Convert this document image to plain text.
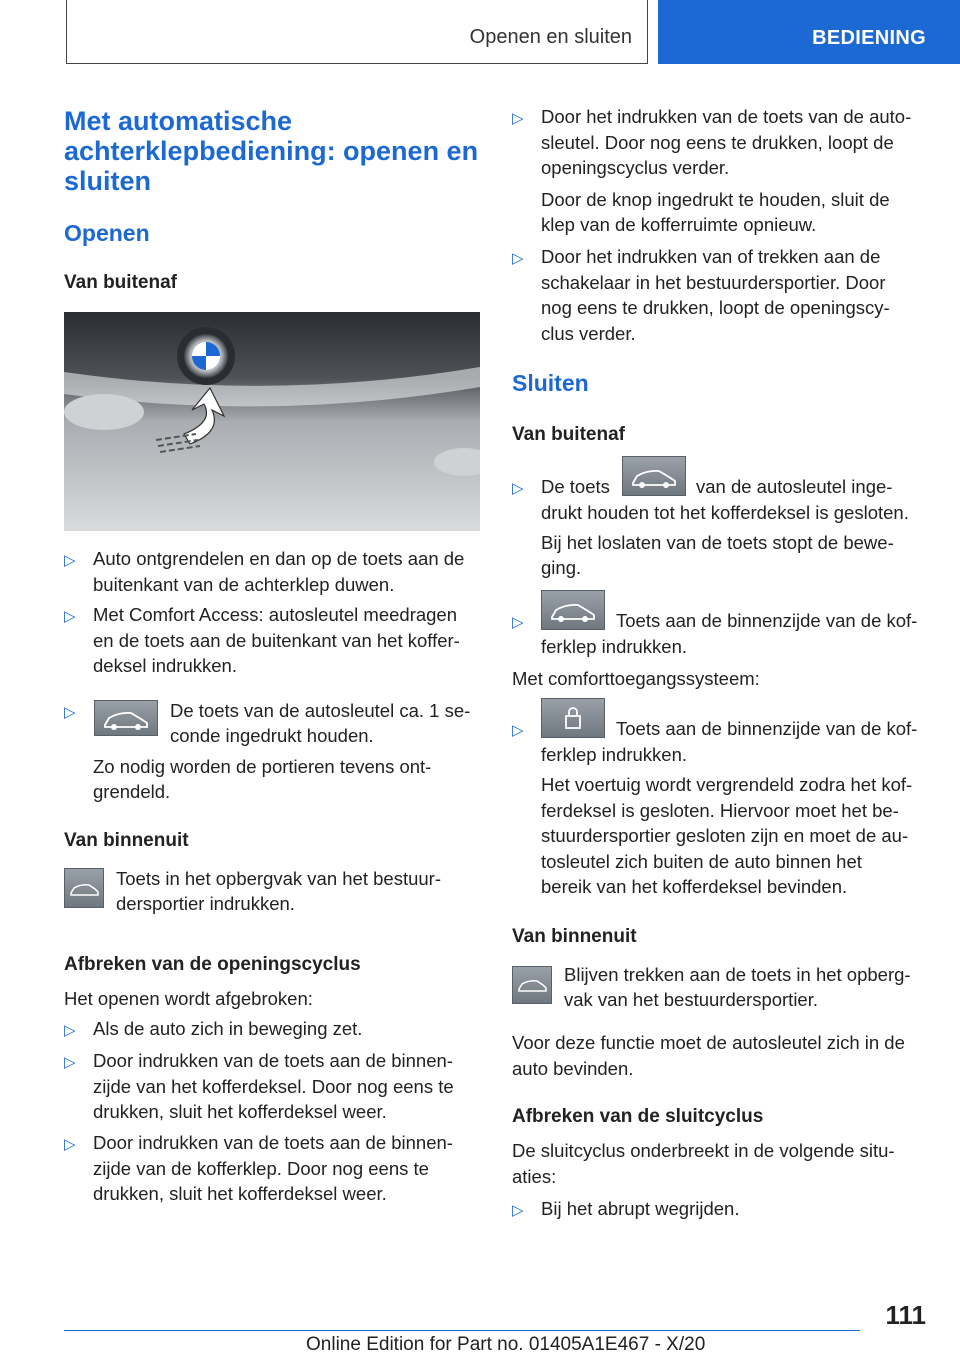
Openen en sluiten	BEDIENING
Met automatische
achterklepbediening: openen en
sluiten
Openen
Van buitenaf
▷ Auto ontgrendelen en dan op de toets aan de
buitenkant van de achterklep duwen.
▷ Met Comfort Access: autosleutel meedragen
en de toets aan de buitenkant van het koffer-
deksel indrukken.
▷	De toets van de autosleutel ca. 1 se-
conde ingedrukt houden.
Zo nodig worden de portieren tevens ont-
grendeld.
Van binnenuit
Toets in het opbergvak van het bestuur-
dersportier indrukken.
Afbreken van de openingscyclus
Het openen wordt afgebroken:
▷ Als de auto zich in beweging zet.
▷ Door indrukken van de toets aan de binnen-
zijde van het kofferdeksel. Door nog eens te
drukken, sluit het kofferdeksel weer.
▷ Door indrukken van de toets aan de binnen-
zijde van de kofferklep. Door nog eens te
drukken, sluit het kofferdeksel weer.
▷ Door het indrukken van de toets van de auto-
sleutel. Door nog eens te drukken, loopt de
openingscyclus verder.
Door de knop ingedrukt te houden, sluit de
klep van de kofferruimte opnieuw.
▷ Door het indrukken van of trekken aan de
schakelaar in het bestuurdersportier. Door
nog eens te drukken, loopt de openingscy-
clus verder.
Sluiten
Van buitenaf
▷ De toets	van de autosleutel inge-
drukt houden tot het kofferdeksel is gesloten.
Bij het loslaten van de toets stopt de bewe-
ging.
▷	Toets aan de binnenzijde van de kof-
ferklep indrukken.
Met comforttoegangssysteem:
▷	Toets aan de binnenzijde van de kof-
ferklep indrukken.
Het voertuig wordt vergrendeld zodra het kof-
ferdeksel is gesloten. Hiervoor moet het be-
stuurdersportier gesloten zijn en moet de au-
tosleutel zich buiten de auto binnen het
bereik van het kofferdeksel bevinden.
Van binnenuit
Blijven trekken aan de toets in het opberg-
vak van het bestuurdersportier.
Voor deze functie moet de autosleutel zich in de
auto bevinden.
Afbreken van de sluitcyclus
De sluitcyclus onderbreekt in de volgende situ-
aties:
▷ Bij het abrupt wegrijden.
111
Online Edition for Part no. 01405A1E467 - X/20
